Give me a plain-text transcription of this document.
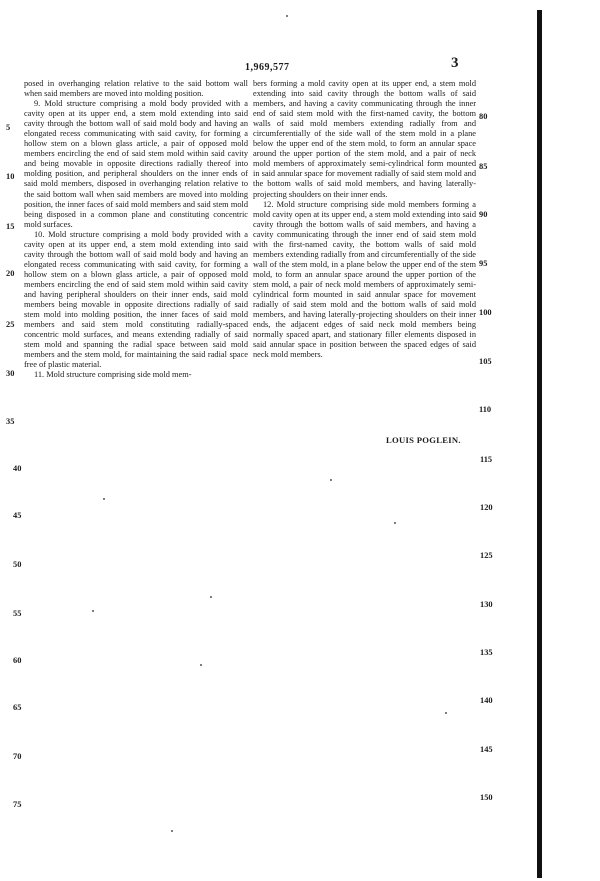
1,969,577	3

posed in overhanging relation relative to the said bottom wall when said members are moved into molding position.

9. Mold structure comprising a mold body provided with a cavity open at its upper end, a stem mold extending into said cavity through the bottom wall of said mold body and having an elongated recess communicating with said cavity, for forming a hollow stem on a blown glass article, a pair of opposed mold members encircling the end of said stem mold within said cavity and being movable in opposite directions radially thereof into molding position, and peripheral shoulders on the inner ends of said mold members, disposed in overhanging relation relative to the said bottom wall when said members are moved into molding position, the inner faces of said mold members and said stem mold being disposed in a common plane and constituting concentric mold surfaces.

10. Mold structure comprising a mold body provided with a cavity open at its upper end, a stem mold extending into said cavity through the bottom wall of said mold body and having an elongated recess communicating with said cavity, for forming a hollow stem on a blown glass article, a pair of opposed mold members encircling the end of said stem mold within said cavity and having peripheral shoulders on their inner ends, said mold members being movable in opposite directions radially of said stem mold into molding position, the inner faces of said mold members and said stem mold constituting radially-spaced concentric mold surfaces, and means extending radially of said stem mold and spanning the radial space between said mold members and the stem mold, for maintaining the said radial space free of plastic material.

11. Mold structure comprising side mold mem-

bers forming a mold cavity open at its upper end, a stem mold extending into said cavity through the bottom walls of said members, and having a cavity communicating through the inner end of said stem mold with the first-named cavity, the bottom walls of said mold members extending radially from and circumferentially of the side wall of the stem mold in a plane below the upper end of the stem mold, to form an annular space around the upper portion of the stem mold, and a pair of neck mold members of approximately semi-cylindrical form mounted in said annular space for movement radially of said stem mold and the bottom walls of said mold members, and having laterally-projecting shoulders on their inner ends.

12. Mold structure comprising side mold members forming a mold cavity open at its upper end, a stem mold extending into said cavity through the bottom walls of said members, and having a cavity communicating through the inner end of said stem mold with the first-named cavity, the bottom walls of said mold members extending radially from and circumferentially of the side wall of the stem mold, in a plane below the upper end of the stem mold, to form an annular space around the upper portion of the stem mold, a pair of neck mold members of approximately semi-cylindrical form mounted in said annular space for movement radially of said stem mold and the bottom walls of said mold members, and having laterally-projecting shoulders on their inner ends, the adjacent edges of said neck mold members being normally spaced apart, and stationary filler elements disposed in said annular space in position between the spaced edges of said neck mold members.

LOUIS POGLEIN.
5
10
15
20
25
30
35
40
45
50
55
60
65
70
75
80
85
90
95
100
105
110
115
120
125
130
135
140
145
150
